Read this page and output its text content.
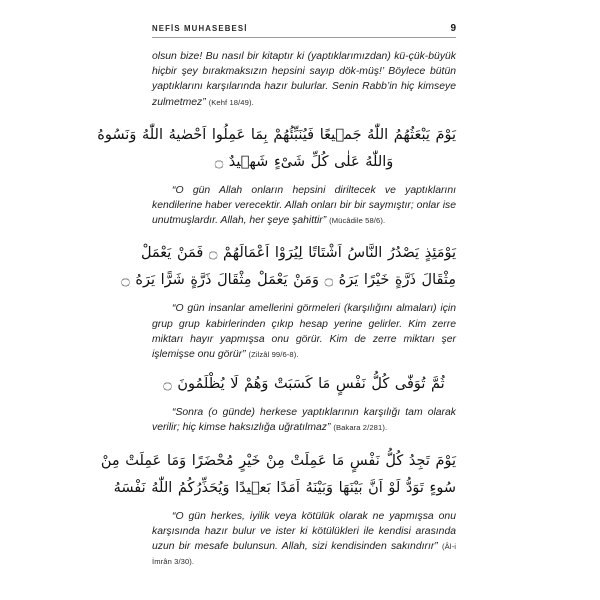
NEFİS MUHASEBESİ	9

olsun bize! Bu nasıl bir kitaptır ki (yaptıklarımızdan) kü-çük-büyük hiçbir şey bırakmaksızın hepsini sayıp dök-müş!’ Böylece bütün yaptıklarını karşılarında hazır bulurlar. Senin Rabb’in hiç kimseye zulmetmez” (Kehf 18/49).

يَوْمَ يَبْعَثُهُمُ اللّٰهُ جَمٖيعًا فَيُنَبِّئُهُمْ بِمَا عَمِلُوا اَحْصٰيهُ اللّٰهُ وَنَسُوهُ
وَاللّٰهُ عَلٰى كُلِّ شَىْءٍ شَهٖيدٌ ۝

“O gün Allah onların hepsini diriltecek ve yaptıklarını kendilerine haber verecektir. Allah onları bir bir saymıştır; onlar ise unutmuşlardır. Allah, her şeye şahittir” (Mücâdile 58/6).

يَوْمَئِذٍ يَصْدُرُ النَّاسُ اَشْتَاتًا لِيُرَوْا اَعْمَالَهُمْ ۝ فَمَنْ يَعْمَلْ
مِثْقَالَ ذَرَّةٍ خَيْرًا يَرَهُ ۝ وَمَنْ يَعْمَلْ مِثْقَالَ ذَرَّةٍ شَرًّا يَرَهُ ۝

“O gün insanlar amellerini görmeleri (karşılığını almaları) için grup grup kabirlerinden çıkıp hesap yerine gelirler. Kim zerre miktarı hayır yapmışsa onu görür. Kim de zerre miktarı şer işlemişse onu görür” (Zilzâl 99/6-8).

ثُمَّ تُوَفّٰى كُلُّ نَفْسٍ مَا كَسَبَتْ وَهُمْ لَا يُظْلَمُونَ ۝

“Sonra (o günde) herkese yaptıklarının karşılığı tam olarak verilir; hiç kimse haksızlığa uğratılmaz” (Bakara 2/281).

يَوْمَ تَجِدُ كُلُّ نَفْسٍ مَا عَمِلَتْ مِنْ خَيْرٍ مُحْضَرًا وَمَا عَمِلَتْ مِنْ
سُوءٍ تَوَدُّ لَوْ اَنَّ بَيْنَهَا وَبَيْنَهُ اَمَدًا بَعٖيدًا وَيُحَذِّرُكُمُ اللّٰهُ نَفْسَهُ

“O gün herkes, iyilik veya kötülük olarak ne yapmışsa onu karşısında hazır bulur ve ister ki kötülükleri ile kendisi arasında uzun bir mesafe bulunsun. Allah, sizi kendisinden sakındırır” (Âl-i İmrân 3/30).
